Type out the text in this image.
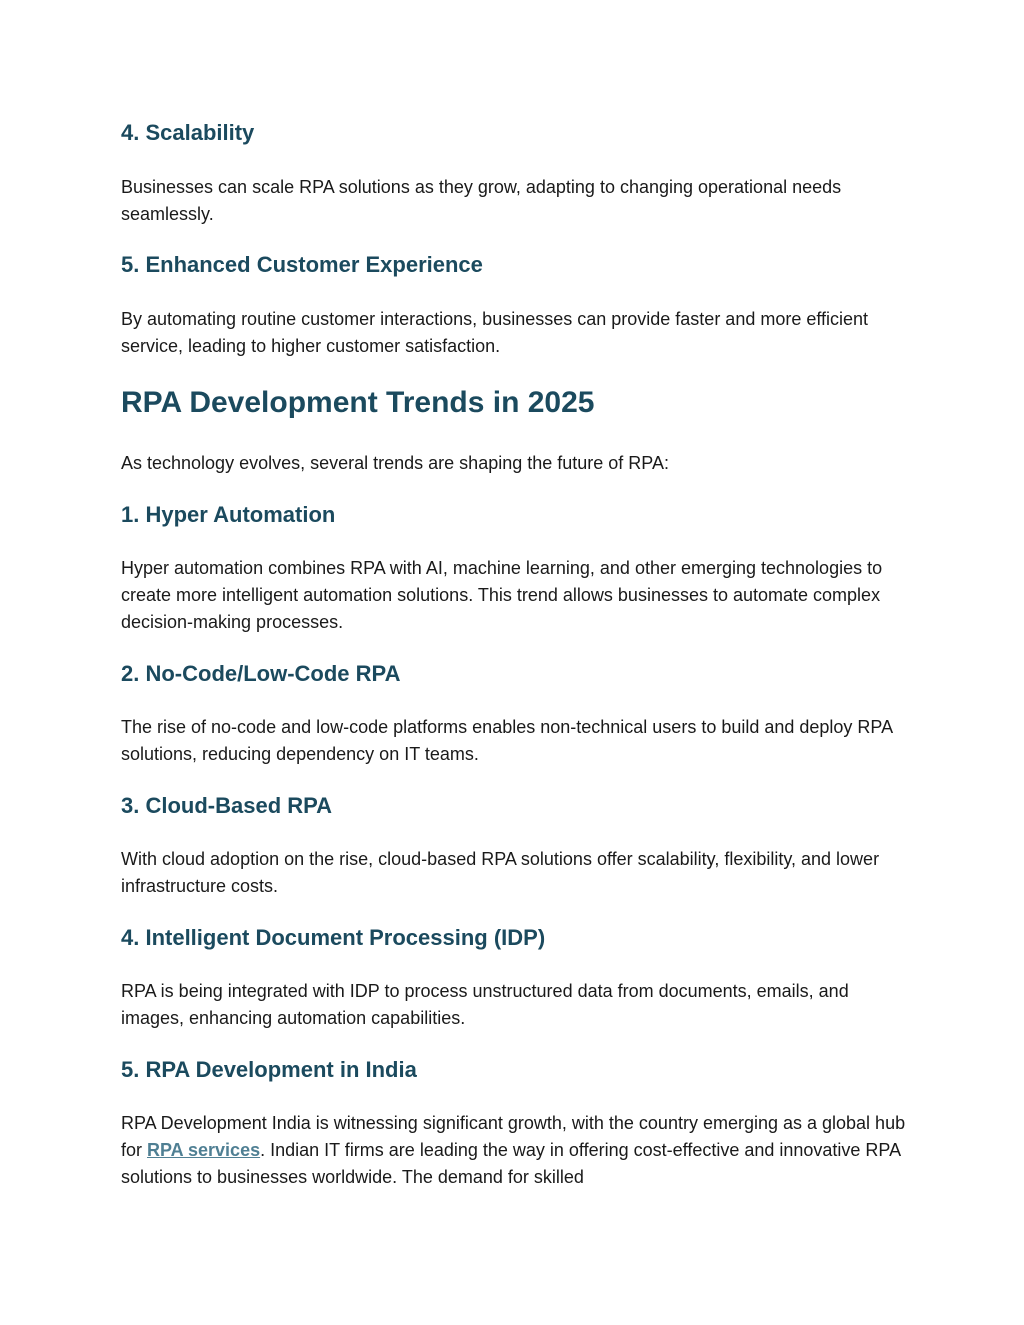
4. Scalability

Businesses can scale RPA solutions as they grow, adapting to changing operational needs seamlessly.

5. Enhanced Customer Experience

By automating routine customer interactions, businesses can provide faster and more efficient service, leading to higher customer satisfaction.

RPA Development Trends in 2025

As technology evolves, several trends are shaping the future of RPA:

1. Hyper Automation

Hyper automation combines RPA with AI, machine learning, and other emerging technologies to create more intelligent automation solutions. This trend allows businesses to automate complex decision-making processes.

2. No-Code/Low-Code RPA

The rise of no-code and low-code platforms enables non-technical users to build and deploy RPA solutions, reducing dependency on IT teams.

3. Cloud-Based RPA

With cloud adoption on the rise, cloud-based RPA solutions offer scalability, flexibility, and lower infrastructure costs.

4. Intelligent Document Processing (IDP)

RPA is being integrated with IDP to process unstructured data from documents, emails, and images, enhancing automation capabilities.

5. RPA Development in India

RPA Development India is witnessing significant growth, with the country emerging as a global hub for RPA services. Indian IT firms are leading the way in offering cost-effective and innovative RPA solutions to businesses worldwide. The demand for skilled
